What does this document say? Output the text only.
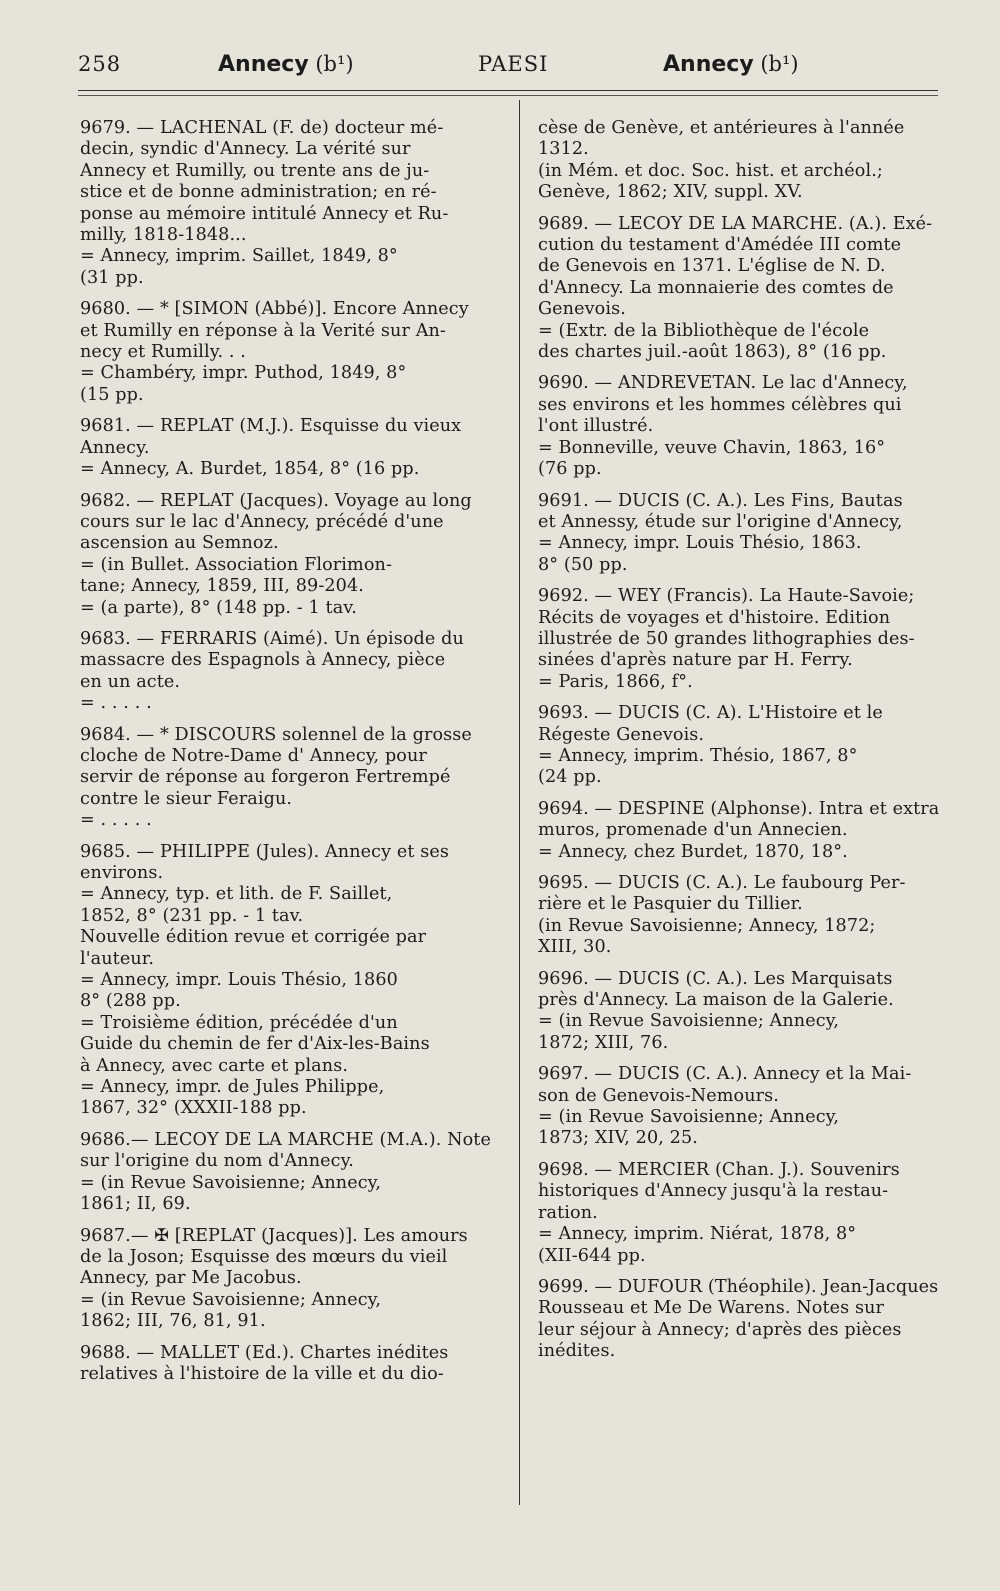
258	Annecy (b¹)	PAESI	Annecy (b¹)
9679. — LACHENAL (F. de) docteur mé-
decin, syndic d'Annecy. La vérité sur
Annecy et Rumilly, ou trente ans de ju-
stice et de bonne administration; en ré-
ponse au mémoire intitulé Annecy et Ru-
milly, 1818-1848...
= Annecy, imprim. Saillet, 1849, 8°
(31 pp.
9680. — * [SIMON (Abbé)]. Encore Annecy
et Rumilly en réponse à la Verité sur An-
necy et Rumilly. . .
= Chambéry, impr. Puthod, 1849, 8°
(15 pp.
9681. — REPLAT (M.J.). Esquisse du vieux
Annecy.
= Annecy, A. Burdet, 1854, 8° (16 pp.
9682. — REPLAT (Jacques). Voyage au long
cours sur le lac d'Annecy, précédé d'une
ascension au Semnoz.
= (in Bullet. Association Florimon-
tane; Annecy, 1859, III, 89-204.
= (a parte), 8° (148 pp. - 1 tav.
9683. — FERRARIS (Aimé). Un épisode du
massacre des Espagnols à Annecy, pièce
en un acte.
= . . . . .
9684. — * DISCOURS solennel de la grosse
cloche de Notre-Dame d' Annecy, pour
servir de réponse au forgeron Fertrempé
contre le sieur Feraigu.
= . . . . .
9685. — PHILIPPE (Jules). Annecy et ses
environs.
= Annecy, typ. et lith. de F. Saillet,
1852, 8° (231 pp. - 1 tav.
Nouvelle édition revue et corrigée par
l'auteur.
= Annecy, impr. Louis Thésio, 1860
8° (288 pp.
= Troisième édition, précédée d'un
Guide du chemin de fer d'Aix-les-Bains
à Annecy, avec carte et plans.
= Annecy, impr. de Jules Philippe,
1867, 32° (XXXII-188 pp.
9686.— LECOY DE LA MARCHE (M.A.). Note
sur l'origine du nom d'Annecy.
= (in Revue Savoisienne; Annecy,
1861; II, 69.
9687.— ✠ [REPLAT (Jacques)]. Les amours
de la Joson; Esquisse des mœurs du vieil
Annecy, par Me Jacobus.
= (in Revue Savoisienne; Annecy,
1862; III, 76, 81, 91.
9688. — MALLET (Ed.). Chartes inédites
relatives à l'histoire de la ville et du dio-
cèse de Genève, et antérieures à l'année
1312.
(in Mém. et doc. Soc. hist. et archéol.;
Genève, 1862; XIV, suppl. XV.
9689. — LECOY DE LA MARCHE. (A.). Exé-
cution du testament d'Amédée III comte
de Genevois en 1371. L'église de N. D.
d'Annecy. La monnaierie des comtes de
Genevois.
= (Extr. de la Bibliothèque de l'école
des chartes juil.-août 1863), 8° (16 pp.
9690. — ANDREVETAN. Le lac d'Annecy,
ses environs et les hommes célèbres qui
l'ont illustré.
= Bonneville, veuve Chavin, 1863, 16°
(76 pp.
9691. — DUCIS (C. A.). Les Fins, Bautas
et Annessy, étude sur l'origine d'Annecy,
= Annecy, impr. Louis Thésio, 1863.
8° (50 pp.
9692. — WEY (Francis). La Haute-Savoie;
Récits de voyages et d'histoire. Edition
illustrée de 50 grandes lithographies des-
sinées d'après nature par H. Ferry.
= Paris, 1866, f°.
9693. — DUCIS (C. A). L'Histoire et le
Régeste Genevois.
= Annecy, imprim. Thésio, 1867, 8°
(24 pp.
9694. — DESPINE (Alphonse). Intra et extra
muros, promenade d'un Annecien.
= Annecy, chez Burdet, 1870, 18°.
9695. — DUCIS (C. A.). Le faubourg Per-
rière et le Pasquier du Tillier.
(in Revue Savoisienne; Annecy, 1872;
XIII, 30.
9696. — DUCIS (C. A.). Les Marquisats
près d'Annecy. La maison de la Galerie.
= (in Revue Savoisienne; Annecy,
1872; XIII, 76.
9697. — DUCIS (C. A.). Annecy et la Mai-
son de Genevois-Nemours.
= (in Revue Savoisienne; Annecy,
1873; XIV, 20, 25.
9698. — MERCIER (Chan. J.). Souvenirs
historiques d'Annecy jusqu'à la restau-
ration.
= Annecy, imprim. Niérat, 1878, 8°
(XII-644 pp.
9699. — DUFOUR (Théophile). Jean-Jacques
Rousseau et Me De Warens. Notes sur
leur séjour à Annecy; d'après des pièces
inédites.
